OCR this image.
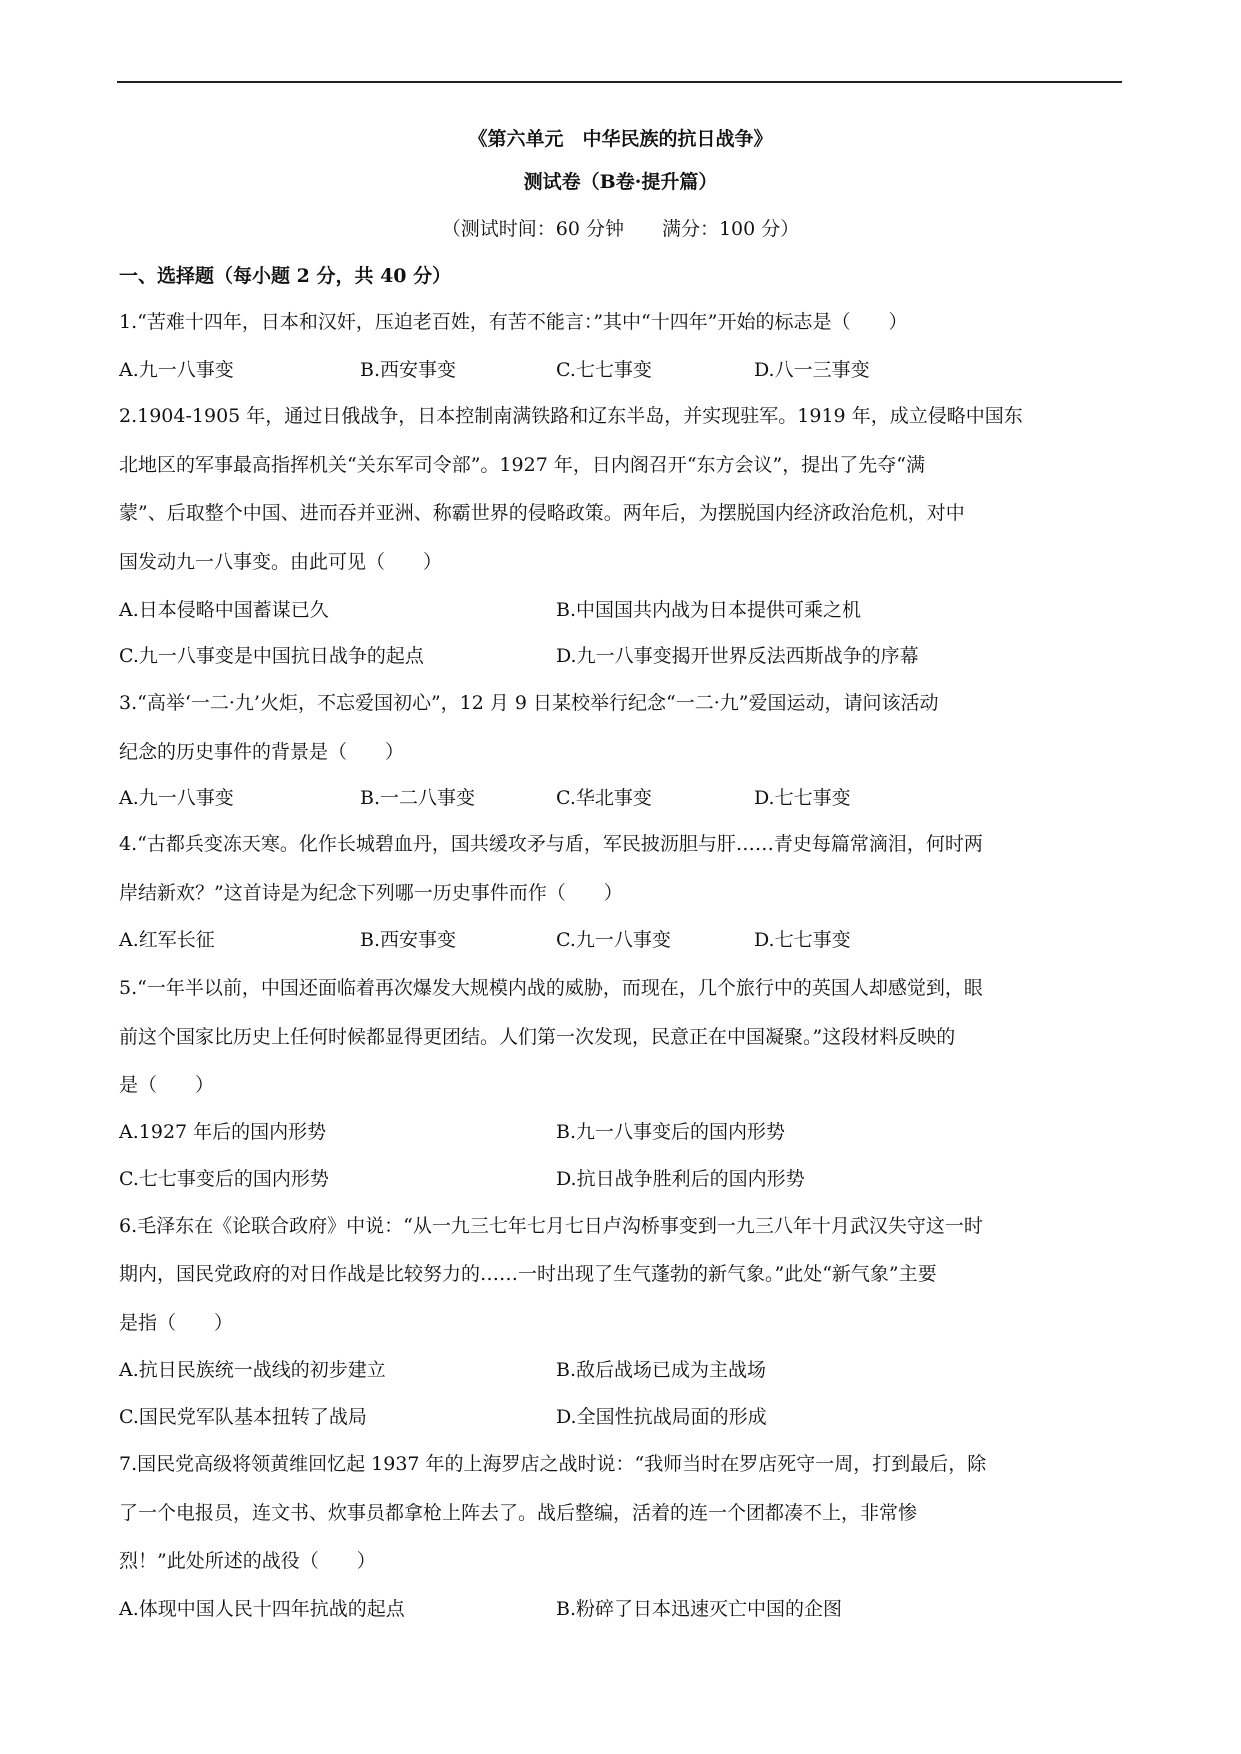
《第六单元　中华民族的抗日战争》
测试卷（B卷·提升篇）
（测试时间：60 分钟　　满分：100 分）
一、选择题（每小题 2 分，共 40 分）
1.“苦难十四年，日本和汉奸，压迫老百姓，有苦不能言：”其中“十四年”开始的标志是（　　）
A.九一八事变	B.西安事变	C.七七事变	D.八一三事变
2.1904-1905 年，通过日俄战争，日本控制南满铁路和辽东半岛，并实现驻军。1919 年，成立侵略中国东
北地区的军事最高指挥机关“关东军司令部”。1927 年，日内阁召开“东方会议”，提出了先夺“满
蒙”、后取整个中国、进而吞并亚洲、称霸世界的侵略政策。两年后，为摆脱国内经济政治危机，对中
国发动九一八事变。由此可见（　　）
A.日本侵略中国蓄谋已久	B.中国国共内战为日本提供可乘之机
C.九一八事变是中国抗日战争的起点	D.九一八事变揭开世界反法西斯战争的序幕
3.“高举‘一二·九’火炬，不忘爱国初心”，12 月 9 日某校举行纪念“一二·九”爱国运动，请问该活动
纪念的历史事件的背景是（　　）
A.九一八事变	B.一二八事变	C.华北事变	D.七七事变
4.“古都兵变冻天寒。化作长城碧血丹，国共缓攻矛与盾，军民披沥胆与肝……青史每篇常滴泪，何时两
岸结新欢？”这首诗是为纪念下列哪一历史事件而作（　　）
A.红军长征	B.西安事变	C.九一八事变	D.七七事变
5.“一年半以前，中国还面临着再次爆发大规模内战的威胁，而现在，几个旅行中的英国人却感觉到，眼
前这个国家比历史上任何时候都显得更团结。人们第一次发现，民意正在中国凝聚。”这段材料反映的
是（　　）
A.1927 年后的国内形势	B.九一八事变后的国内形势
C.七七事变后的国内形势	D.抗日战争胜利后的国内形势
6.毛泽东在《论联合政府》中说：“从一九三七年七月七日卢沟桥事变到一九三八年十月武汉失守这一时
期内，国民党政府的对日作战是比较努力的……一时出现了生气蓬勃的新气象。”此处“新气象”主要
是指（　　）
A.抗日民族统一战线的初步建立	B.敌后战场已成为主战场
C.国民党军队基本扭转了战局	D.全国性抗战局面的形成
7.国民党高级将领黄维回忆起 1937 年的上海罗店之战时说：“我师当时在罗店死守一周，打到最后，除
了一个电报员，连文书、炊事员都拿枪上阵去了。战后整编，活着的连一个团都凑不上，非常惨
烈！”此处所述的战役（　　）
A.体现中国人民十四年抗战的起点	B.粉碎了日本迅速灭亡中国的企图
